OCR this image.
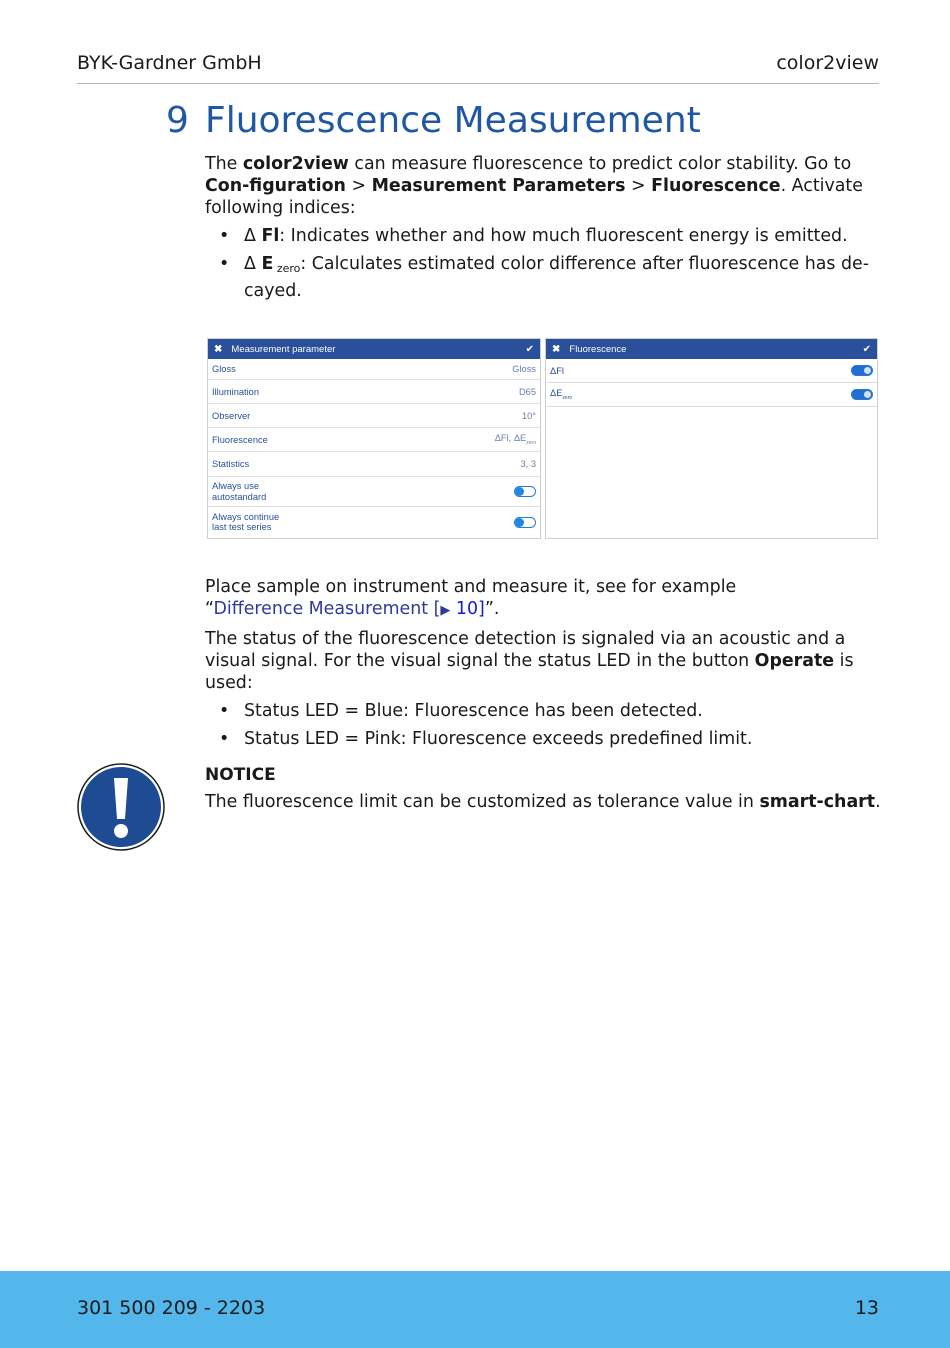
BYK-Gardner GmbH	color2view
9 Fluorescence Measurement

The color2view can measure fluorescence to predict color stability. Go to Con-figuration > Measurement Parameters > Fluorescence. Activate following indices:

• Δ Fl: Indicates whether and how much fluorescent energy is emitted.
• Δ E $_{zero}$: Calculates estimated color difference after fluorescence has de-cayed.
✖ Measurement parameter	✔
Gloss	Gloss
Illumination	D65
Observer	10°
Fluorescence	ΔFl, $\Delta E_{zero}$
Statistics	3, 3
Always use
autostandard
Always continue
last test series
✖ Fluorescence	✔
ΔFl
$\Delta E_{zero}$

Place sample on instrument and measure it, see for example
“Difference Measurement [▶ 10]”.

The status of the fluorescence detection is signaled via an acoustic and a visual signal. For the visual signal the status LED in the button Operate is used:

• Status LED = Blue: Fluorescence has been detected.
• Status LED = Pink: Fluorescence exceeds predefined limit.
NOTICE
The fluorescence limit can be customized as tolerance value in smart-chart.
301 500 209 - 2203	13
